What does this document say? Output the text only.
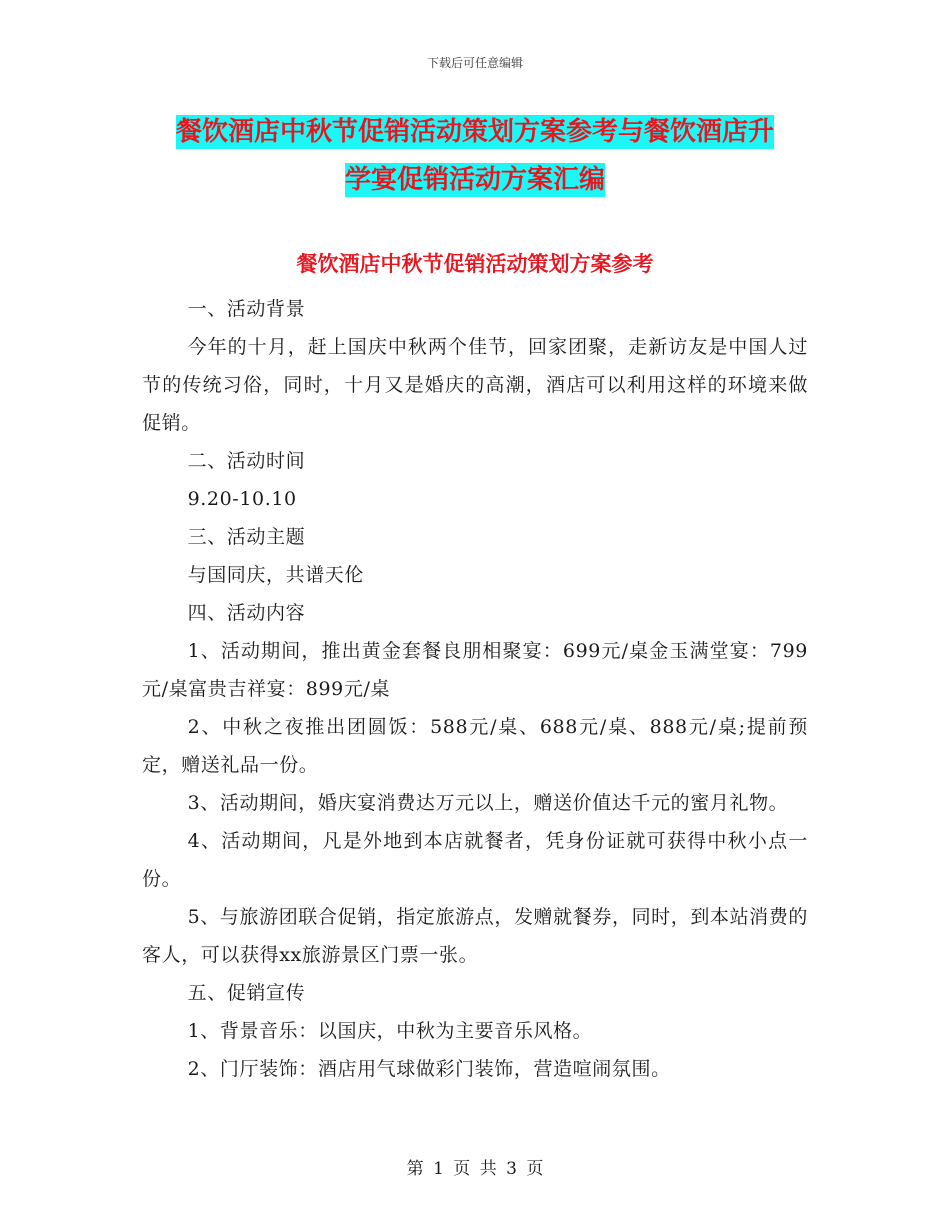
下载后可任意编辑
餐饮酒店中秋节促销活动策划方案参考与餐饮酒店升
学宴促销活动方案汇编
餐饮酒店中秋节促销活动策划方案参考

一、活动背景

今年的十月，赶上国庆中秋两个佳节，回家团聚，走新访友是中国人过节的传统习俗，同时，十月又是婚庆的高潮，酒店可以利用这样的环境来做促销。

二、活动时间

9.20-10.10

三、活动主题

与国同庆，共谱天伦

四、活动内容

1、活动期间，推出黄金套餐良朋相聚宴：699元/桌金玉满堂宴：799元/桌富贵吉祥宴：899元/桌

2、中秋之夜推出团圆饭：588元/桌、688元/桌、888元/桌;提前预定，赠送礼品一份。

3、活动期间，婚庆宴消费达万元以上，赠送价值达千元的蜜月礼物。

4、活动期间，凡是外地到本店就餐者，凭身份证就可获得中秋小点一份。

5、与旅游团联合促销，指定旅游点，发赠就餐券，同时，到本站消费的客人，可以获得xx旅游景区门票一张。

五、促销宣传

1、背景音乐：以国庆，中秋为主要音乐风格。

2、门厅装饰：酒店用气球做彩门装饰，营造喧闹氛围。

第 1 页 共 3 页
